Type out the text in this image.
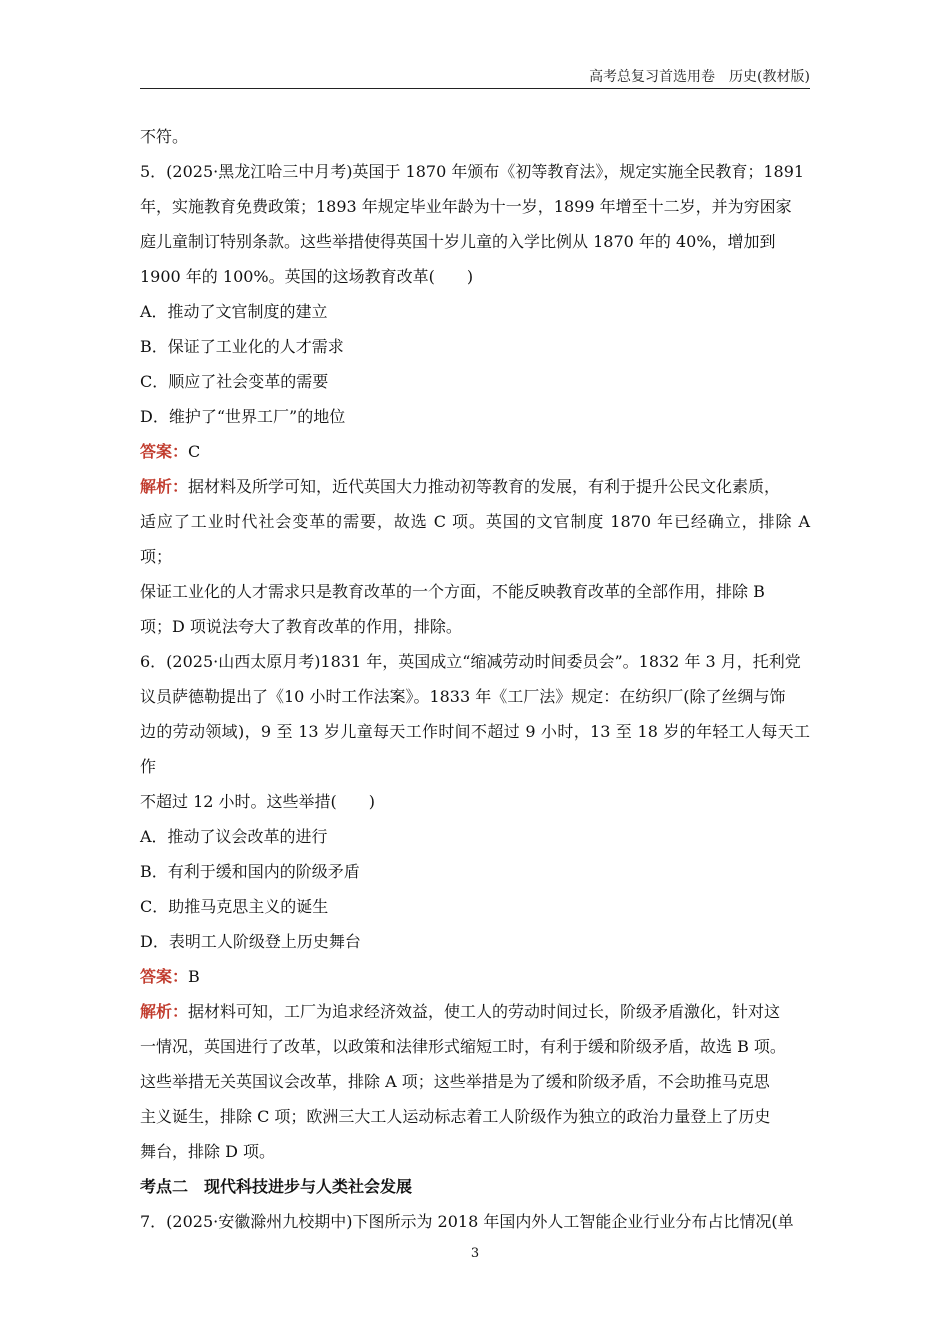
高考总复习首选用卷　历史(教材版)

不符。

5．(2025·黑龙江哈三中月考)英国于 1870 年颁布《初等教育法》，规定实施全民教育；1891

年，实施教育免费政策；1893 年规定毕业年龄为十一岁，1899 年增至十二岁，并为穷困家

庭儿童制订特别条款。这些举措使得英国十岁儿童的入学比例从 1870 年的 40%，增加到

1900 年的 100%。英国的这场教育改革(　　)

A．推动了文官制度的建立

B．保证了工业化的人才需求

C．顺应了社会变革的需要

D．维护了“世界工厂”的地位

答案：C

解析：据材料及所学可知，近代英国大力推动初等教育的发展，有利于提升公民文化素质，

适应了工业时代社会变革的需要，故选 C 项。英国的文官制度 1870 年已经确立，排除 A 项；

保证工业化的人才需求只是教育改革的一个方面，不能反映教育改革的全部作用，排除 B

项；D 项说法夸大了教育改革的作用，排除。

6．(2025·山西太原月考)1831 年，英国成立“缩减劳动时间委员会”。1832 年 3 月，托利党

议员萨德勒提出了《10 小时工作法案》。1833 年《工厂法》规定：在纺织厂(除了丝绸与饰

边的劳动领域)，9 至 13 岁儿童每天工作时间不超过 9 小时，13 至 18 岁的年轻工人每天工作

不超过 12 小时。这些举措(　　)

A．推动了议会改革的进行

B．有利于缓和国内的阶级矛盾

C．助推马克思主义的诞生

D．表明工人阶级登上历史舞台

答案：B

解析：据材料可知，工厂为追求经济效益，使工人的劳动时间过长，阶级矛盾激化，针对这

一情况，英国进行了改革，以政策和法律形式缩短工时，有利于缓和阶级矛盾，故选 B 项。

这些举措无关英国议会改革，排除 A 项；这些举措是为了缓和阶级矛盾，不会助推马克思

主义诞生，排除 C 项；欧洲三大工人运动标志着工人阶级作为独立的政治力量登上了历史

舞台，排除 D 项。

考点二　现代科技进步与人类社会发展

7．(2025·安徽滁州九校期中)下图所示为 2018 年国内外人工智能企业行业分布占比情况(单

3
